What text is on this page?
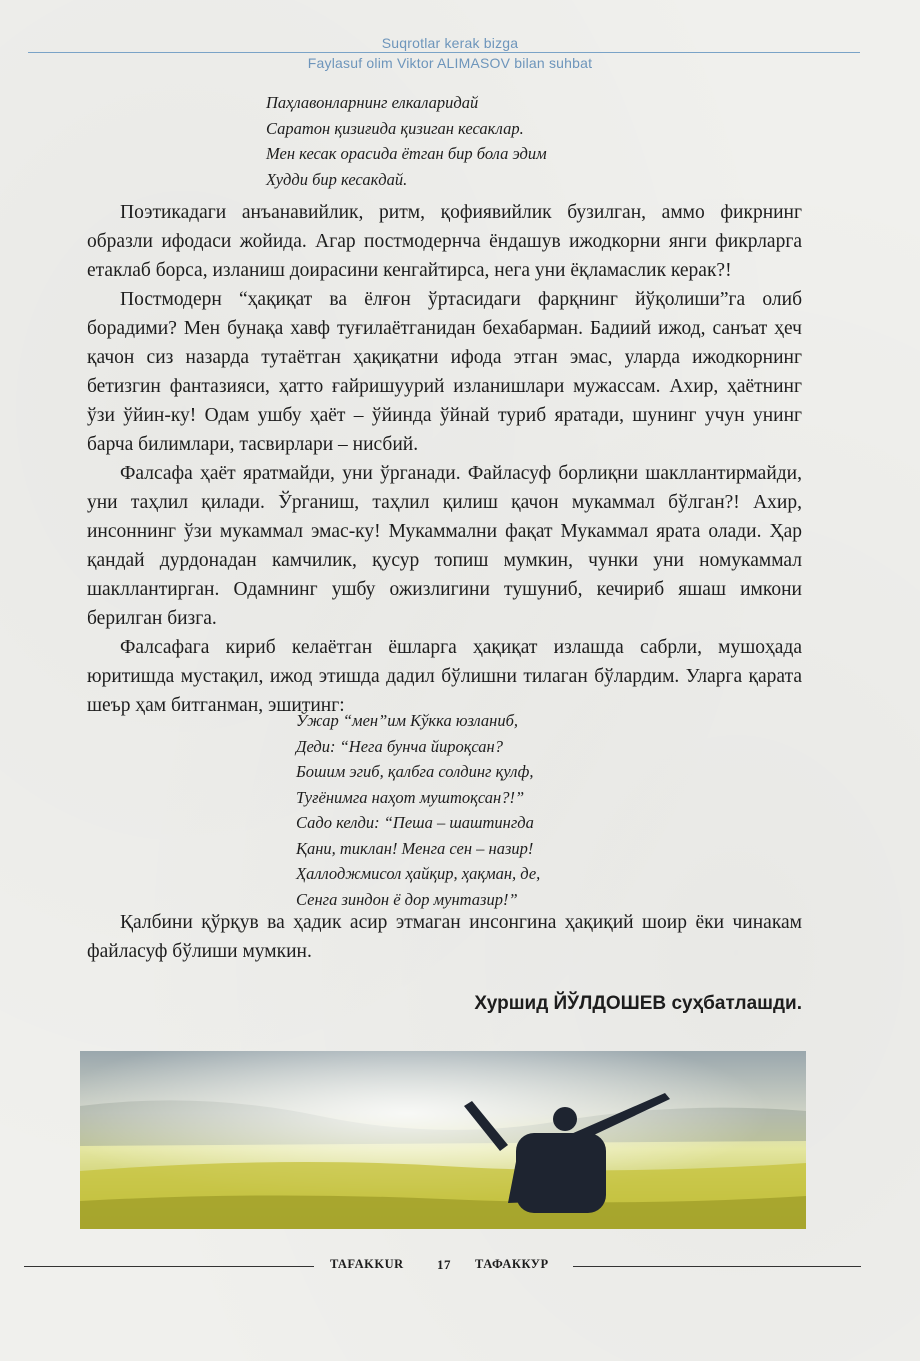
Suqrotlar kerak bizga
Faylasuf olim Viktor ALIMASOV bilan suhbat
Паҳлавонларнинг елкаларидай
Саратон қизиғида қизиган кесаклар.
Мен кесак орасида ётган бир бола эдим
Худди бир кесакдай.

Поэтикадаги анъанавийлик, ритм, қофиявийлик бузилган, аммо фикрнинг образли ифодаси жойида. Агар постмодернча ёндашув ижодкорни янги фикрларга етаклаб борса, изланиш доирасини кенгайтирса, нега уни ёқламаслик керак?!

Постмодерн “ҳақиқат ва ёлғон ўртасидаги фарқнинг йўқолиши”га олиб борадими? Мен бунақа хавф туғилаётганидан бехабарман. Бадиий ижод, санъат ҳеч қачон сиз назарда тутаётган ҳақиқатни ифода этган эмас, уларда ижодкорнинг бетизгин фантазияси, ҳатто ғайришуурий изланишлари мужассам. Ахир, ҳаётнинг ўзи ўйин-ку! Одам ушбу ҳаёт – ўйинда ўйнай туриб яратади, шунинг учун унинг барча билимлари, тасвирлари – нисбий.

Фалсафа ҳаёт яратмайди, уни ўрганади. Файласуф борлиқни шакллантирмайди, уни таҳлил қилади. Ўрганиш, таҳлил қилиш қачон мукаммал бўлган?! Ахир, инсоннинг ўзи мукаммал эмас-ку! Мукаммални фақат Мукаммал ярата олади. Ҳар қандай дурдонадан камчилик, қусур топиш мумкин, чунки уни номукаммал шакллантирган. Одамнинг ушбу ожизлигини тушуниб, кечириб яшаш имкони берилган бизга.

Фалсафага кириб келаётган ёшларга ҳақиқат излашда сабрли, мушоҳада юритишда мустақил, ижод этишда дадил бўлишни тилаган бўлардим. Уларга қарата шеър ҳам битганман, эшитинг:

Ўжар “мен”им Кўкка юзланиб,
Деди: “Нега бунча йироқсан?
Бошим эгиб, қалбга солдинг қулф,
Туғёнимга наҳот муштоқсан?!”
Садо келди: “Пеша – шаштингда
Қани, тиклан! Менга сен – назир!
Ҳаллоджмисол ҳайқир, ҳақман, де,
Сенга зиндон ё дор мунтазир!”

Қалбини қўрқув ва ҳадик асир этмаган инсонгина ҳақиқий шоир ёки чинакам файласуф бўлиши мумкин.

Хуршид ЙЎЛДОШЕВ суҳбатлашди.
TAFAKKUR	17 ТАФАККУР
